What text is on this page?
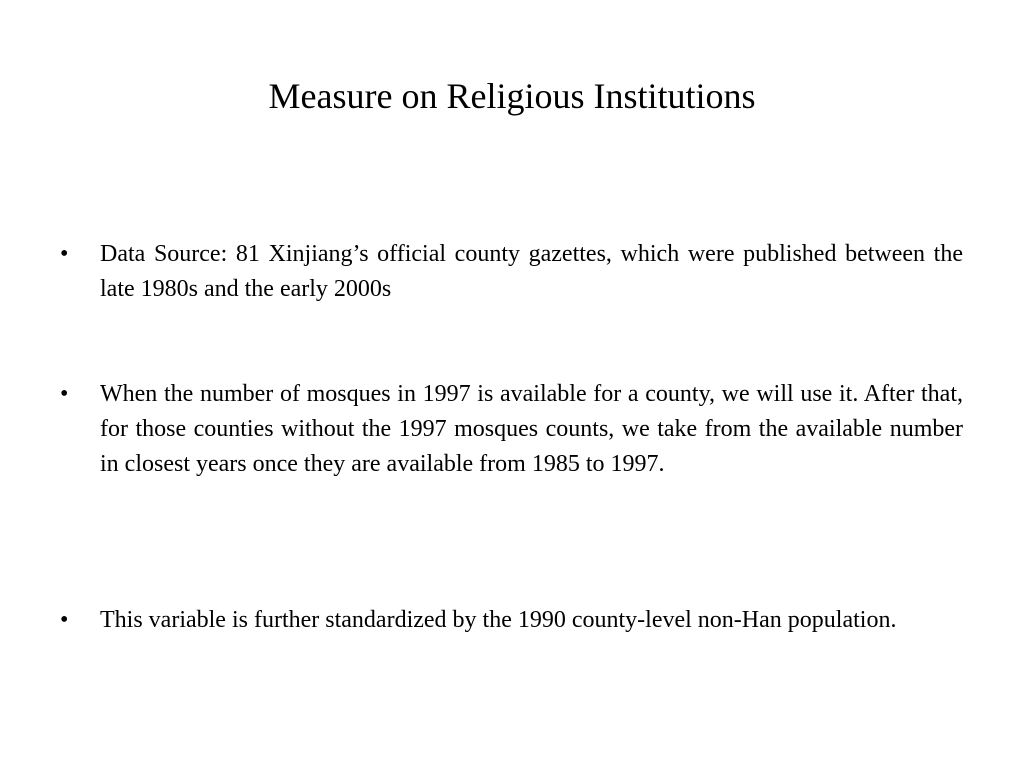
Measure on Religious Institutions
•	Data Source: 81 Xinjiang’s official county gazettes, which were published between the late 1980s and the early 2000s
•	When the number of mosques in 1997 is available for a county, we will use it. After that, for those counties without the 1997 mosques counts, we take from the available number in closest years once they are available from 1985 to 1997.
•	This variable is further standardized by the 1990 county-level non-Han population.
